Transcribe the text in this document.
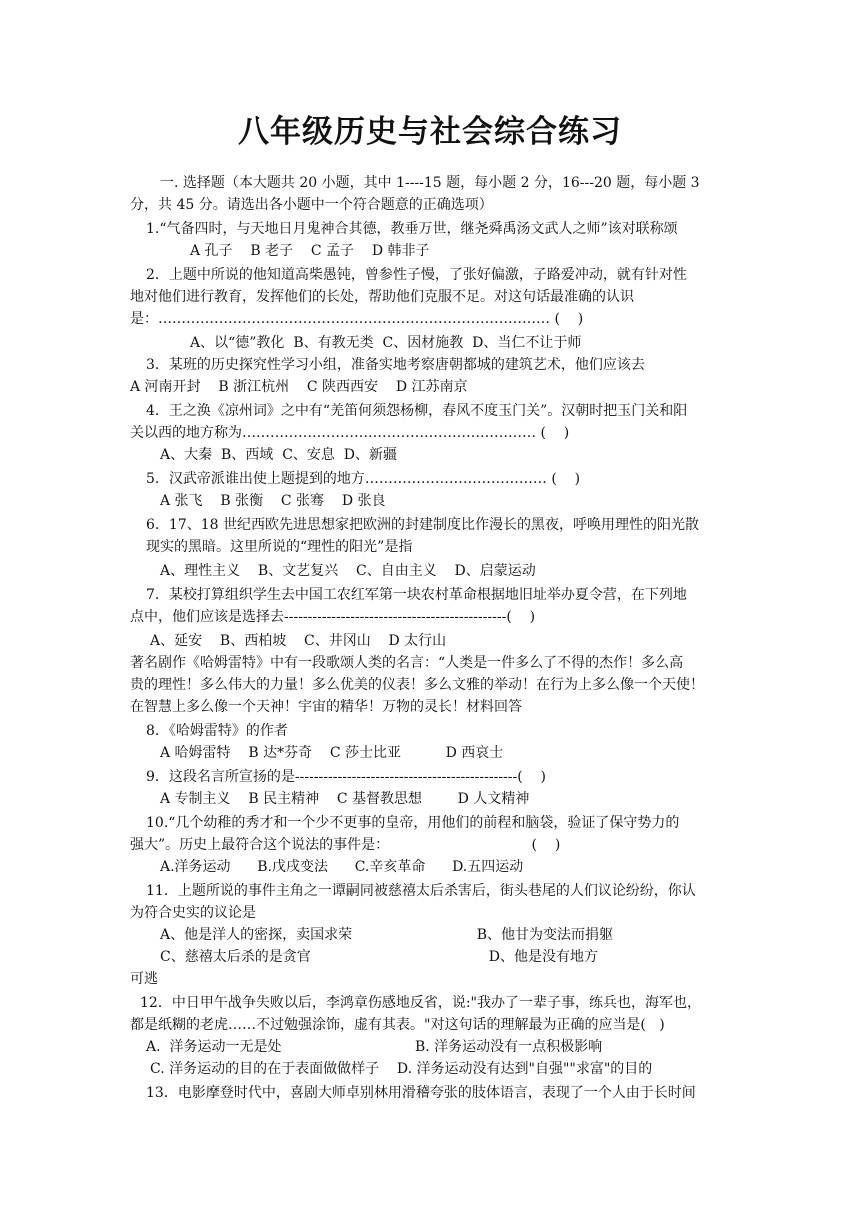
八年级历史与社会综合练习
一. 选择题（本大题共 20 小题，其中 1----15 题，每小题 2 分，16---20 题，每小题 3
分，共 45 分。请选出各小题中一个符合题意的正确选项）
1.“气备四时，与天地日月鬼神合其德，教垂万世，继尧舜禹汤文武人之师”该对联称颂
A 孔子    B 老子    C 孟子    D 韩非子
2．上题中所说的他知道高柴愚钝，曾参性子慢，了张好偏激，子路爱冲动，就有针对性
地对他们进行教育，发挥他们的长处，帮助他们克服不足。对这句话最准确的认识
是：………………………………………………………………………… (    )
A、以“德”教化  B、有教无类  C、因材施教  D、当仁不让于师
3．某班的历史探究性学习小组，准备实地考察唐朝都城的建筑艺术，他们应该去
A 河南开封    B 浙江杭州    C 陕西西安    D 江苏南京
4．王之涣《凉州词》之中有“羌笛何须怨杨柳，春风不度玉门关”。汉朝时把玉门关和阳
关以西的地方称为……………………………………………………… (    )
A、大秦  B、西域  C、安息  D、新疆
5．汉武帝派谁出使上题提到的地方………………………………… (    )
A 张飞    B 张衡    C 张骞    D 张良
6．17、18 世纪西欧先进思想家把欧洲的封建制度比作漫长的黑夜，呼唤用理性的阳光散
现实的黑暗。这里所说的“理性的阳光”是指
A、理性主义    B、文艺复兴    C、自由主义    D、启蒙运动
7．某校打算组织学生去中国工农红军第一块农村革命根据地旧址举办夏令营，在下列地
点中，他们应该是选择去-----------------------------------------------(    )
A、延安    B、西柏坡    C、井冈山    D 太行山
著名剧作《哈姆雷特》中有一段歌颂人类的名言：“人类是一件多么了不得的杰作！多么高
贵的理性！多么伟大的力量！多么优美的仪表！多么文雅的举动！在行为上多么像一个天使！
在智慧上多么像一个天神！宇宙的精华！万物的灵长！材料回答
8．《哈姆雷特》的作者
A 哈姆雷特    B 达*芬奇    C 莎士比亚          D 西哀士
9．这段名言所宣扬的是-----------------------------------------------(    )
A 专制主义    B 民主精神    C 基督教思想        D 人文精神
10.“几个幼稚的秀才和一个少不更事的皇帝，用他们的前程和脑袋，验证了保守势力的
强大”。历史上最符合这个说法的事件是：                                (    )
A.洋务运动      B.戊戌变法      C.辛亥革命      D.五四运动
11．上题所说的事件主角之一谭嗣同被慈禧太后杀害后，街头巷尾的人们议论纷纷，你认
为符合史实的议论是
A、他是洋人的密探，卖国求荣                            B、他甘为变法而捐躯
C、慈禧太后杀的是贪官                                        D、他是没有地方
可逃
12．中日甲午战争失败以后，李鸿章伤感地反省，说:"我办了一辈子事，练兵也，海军也，
都是纸糊的老虎……不过勉强涂饰，虚有其表。"对这句话的理解最为正确的应当是(   )
A.  洋务运动一无是处                              B. 洋务运动没有一点积极影响
C. 洋务运动的目的在于表面做做样子    D. 洋务运动没有达到"自强""求富"的目的
13．电影摩登时代中，喜剧大师卓别林用滑稽夸张的肢体语言，表现了一个人由于长时间
